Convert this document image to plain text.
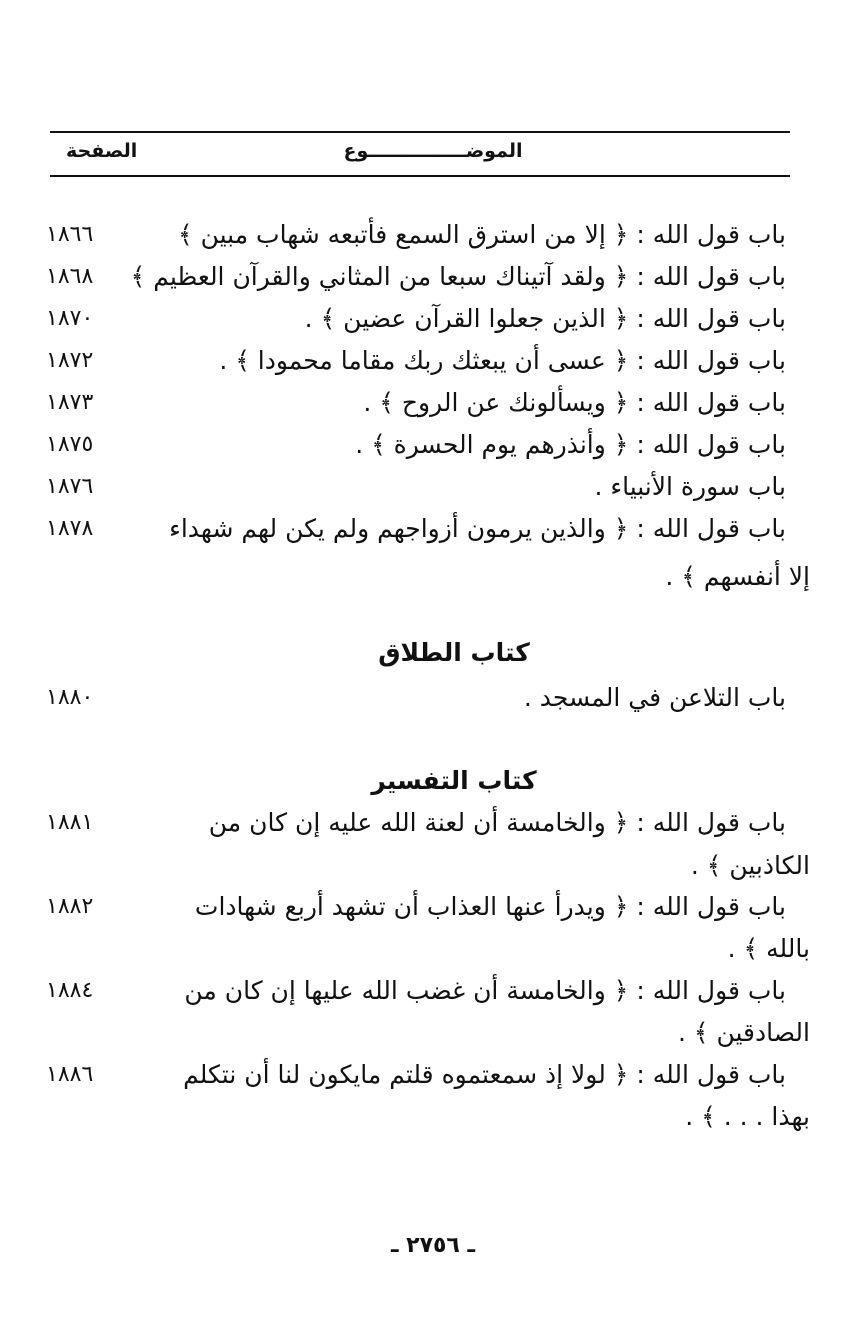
الصفحة	الموضـــــــــــــــوع
باب قول الله : ﴿ إلا من استرق السمع فأتبعه شهاب مبين ﴾
١٨٦٦
باب قول الله : ﴿ ولقد آتيناك سبعا من المثاني والقرآن العظيم ﴾
١٨٦٨
باب قول الله : ﴿ الذين جعلوا القرآن عضين ﴾ .
١٨٧٠
باب قول الله : ﴿ عسى أن يبعثك ربك مقاما محمودا ﴾ .
١٨٧٢
باب قول الله : ﴿ ويسألونك عن الروح ﴾ .
١٨٧٣
باب قول الله : ﴿ وأنذرهم يوم الحسرة ﴾ .
١٨٧٥
باب سورة الأنبياء .
١٨٧٦
باب قول الله : ﴿ والذين يرمون أزواجهم ولم يكن لهم شهداء
١٨٧٨
إلا أنفسهم ﴾ .
كتاب الطلاق
باب التلاعن في المسجد .
١٨٨٠
كتاب التفسير
باب قول الله : ﴿ والخامسة أن لعنة الله عليه إن كان من
١٨٨١
الكاذبين ﴾ .
باب قول الله : ﴿ ويدرأ عنها العذاب أن تشهد أربع شهادات
١٨٨٢
بالله ﴾ .
باب قول الله : ﴿ والخامسة أن غضب الله عليها إن كان من
١٨٨٤
الصادقين ﴾ .
باب قول الله : ﴿ لولا إذ سمعتموه قلتم مايكون لنا أن نتكلم
١٨٨٦
بهذا . . . ﴾ .
ـ ٢٧٥٦ ـ
